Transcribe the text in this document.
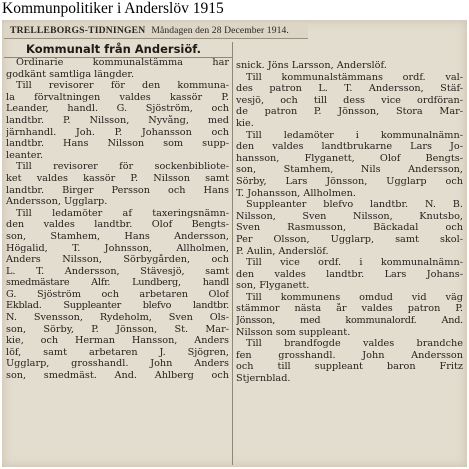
Kommunpolitiker i Anderslöv 1915
TRELLEBORGS-TIDNINGEN Måndagen den 28 December 1914.
Kommunalt från Andersiöf.
Ordinarie kommunalstämma har
godkänt samtliga längder.
Till revisorer för den kommuna-
la förvaltningen valdes kassör P.
Leander, handl. G. Sjöström, och
landtbr. P. Nilsson, Nyvång, med
järnhandl. Joh. P. Johansson och
landtbr. Hans Nilsson som supp-
leanter.
Till revisorer för sockenbibliote-
ket valdes kassör P. Nilsson samt
landtbr. Birger Persson och Hans
Andersson, Ugglarp.
Till ledamöter af taxeringsnämn-
den valdes landtbr. Olof Bengts-
son, Stamhem, Hans Andersson,
Högalid, T. Johnsson, Allholmen,
Anders Nilsson, Sörbygården, och
L. T. Andersson, Stävesjö, samt
smedmästare Alfr. Lundberg, handl
G. Sjöström och arbetaren Olof
Ekblad. Suppleanter blefvo landtbr.
N. Svensson, Rydeholm, Sven Ols-
son, Sörby, P. Jönsson, St. Mar-
kie, och Herman Hansson, Anders
löf, samt arbetaren J. Sjögren,
Ugglarp, grosshandl. John Anders
son, smedmäst. And. Ahlberg och
snick. Jöns Larsson, Anderslöf.
Till kommunalstämmans ordf. val-
des patron L. T. Andersson, Stäf-
vesjö, och till dess vice ordföran-
de patron P. Jönsson, Stora Mar-
kie.
Till ledamöter i kommunalnämn-
den valdes landtbrukarne Lars Jo-
hansson, Flyganett, Olof Bengts-
son, Stamhem, Nils Andersson,
Sörby, Lars Jönsson, Ugglarp och
T. Johansson, Allholmen.
Suppleanter blefvo landtbr. N. B.
Nilsson, Sven Nilsson, Knutsbo,
Sven Rasmusson, Bäckadal och
Per Olsson, Ugglarp, samt skol-
P. Aulin, Anderslöf.
Till vice ordf. i kommunalnämn-
den valdes landtbr. Lars Johans-
son, Flyganett.
Till kommunens omdud vid väg
stämmor nästa år valdes patron P.
Jönsson, med kommunalordf. And.
Nilsson som suppleant.
Till brandfogde valdes brandche
fen grosshandl. John Andersson
och till suppleant baron Fritz
Stjernblad.
